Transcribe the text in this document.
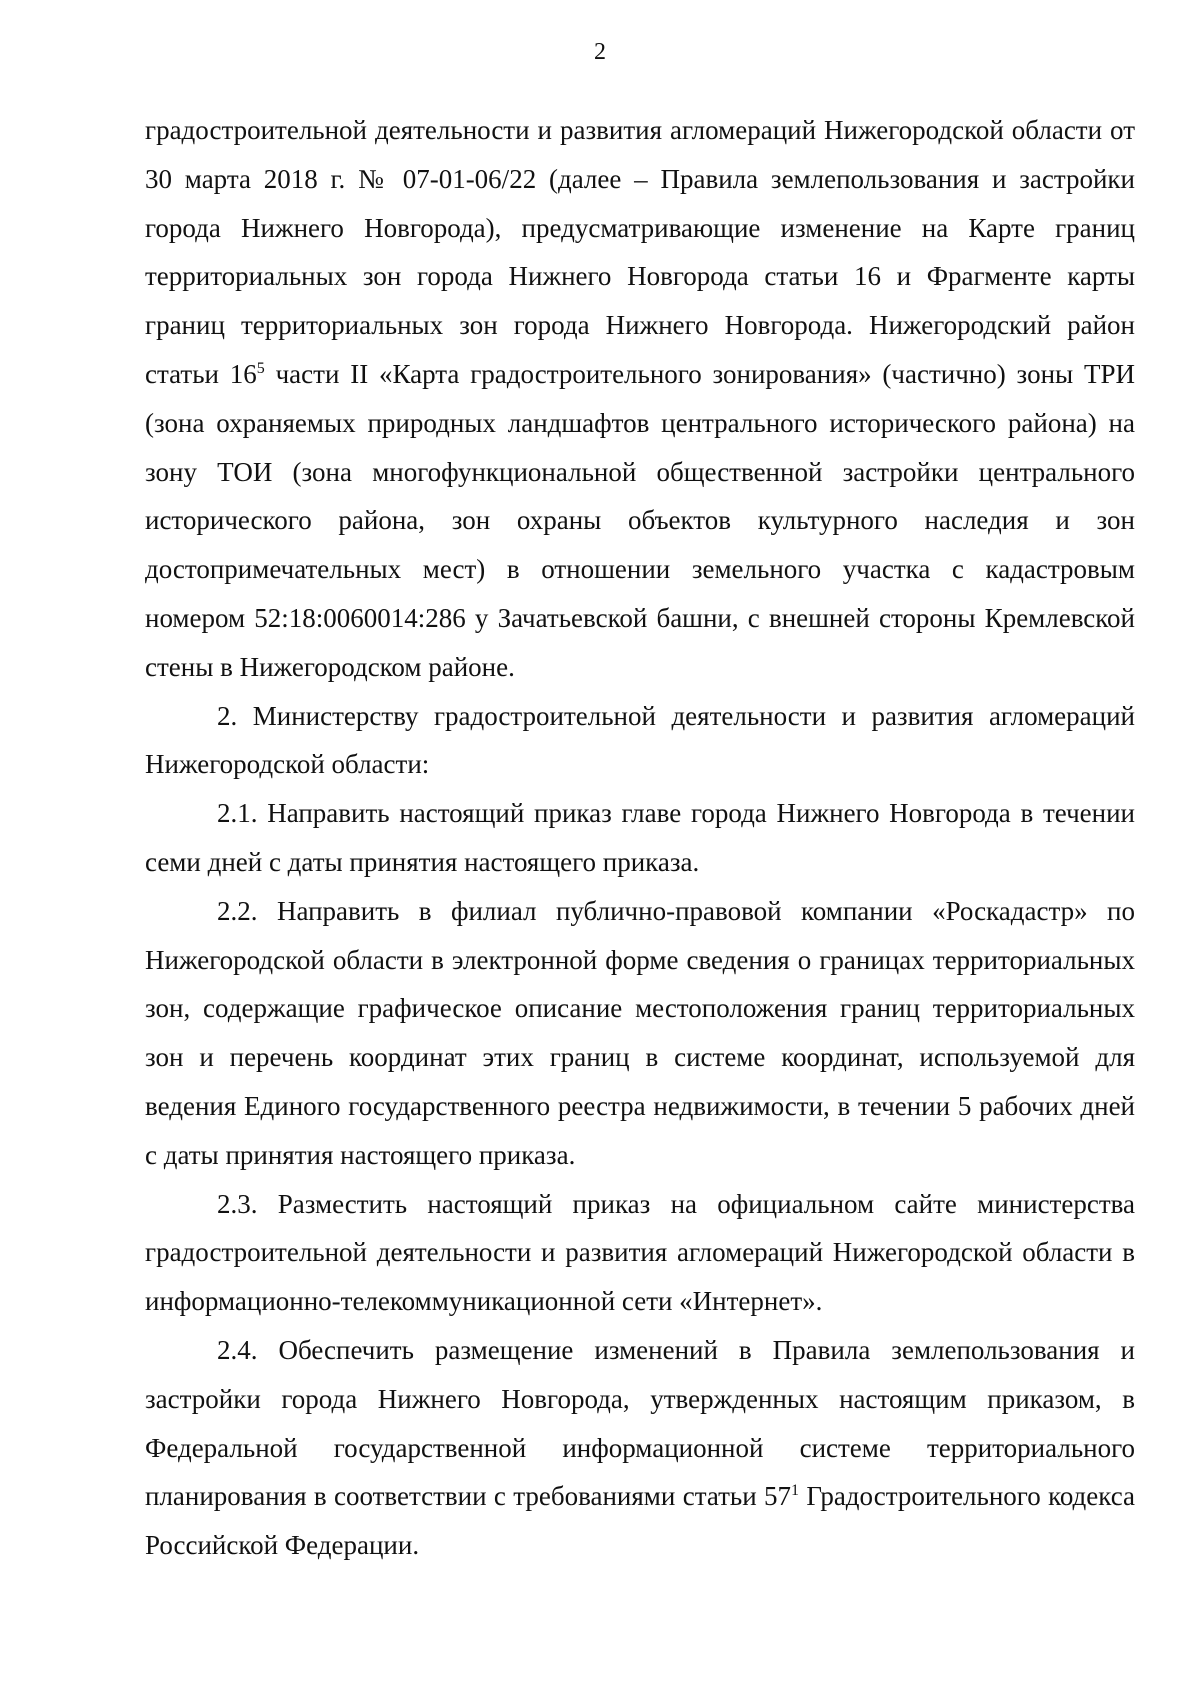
2

градостроительной деятельности и развития агломераций Нижегородской области от 30 марта 2018 г. № 07-01-06/22 (далее – Правила землепользования и застройки города Нижнего Новгорода), предусматривающие изменение на Карте границ территориальных зон города Нижнего Новгорода статьи 16 и Фрагменте карты границ территориальных зон города Нижнего Новгорода. Нижегородский район статьи $16^5$ части II «Карта градостроительного зонирования» (частично) зоны ТРИ (зона охраняемых природных ландшафтов центрального исторического района) на зону ТОИ (зона многофункциональной общественной застройки центрального исторического района, зон охраны объектов культурного наследия и зон достопримечательных мест) в отношении земельного участка с кадастровым номером 52:18:0060014:286 у Зачатьевской башни, с внешней стороны Кремлевской стены в Нижегородском районе.

2. Министерству градостроительной деятельности и развития агломераций Нижегородской области:

2.1. Направить настоящий приказ главе города Нижнего Новгорода в течении семи дней с даты принятия настоящего приказа.

2.2. Направить в филиал публично-правовой компании «Роскадастр» по Нижегородской области в электронной форме сведения о границах территориальных зон, содержащие графическое описание местоположения границ территориальных зон и перечень координат этих границ в системе координат, используемой для ведения Единого государственного реестра недвижимости, в течении 5 рабочих дней с даты принятия настоящего приказа.

2.3. Разместить настоящий приказ на официальном сайте министерства градостроительной деятельности и развития агломераций Нижегородской области в информационно-телекоммуникационной сети «Интернет».

2.4. Обеспечить размещение изменений в Правила землепользования и застройки города Нижнего Новгорода, утвержденных настоящим приказом, в Федеральной государственной информационной системе территориального планирования в соответствии с требованиями статьи $57^1$ Градостроительного кодекса Российской Федерации.
